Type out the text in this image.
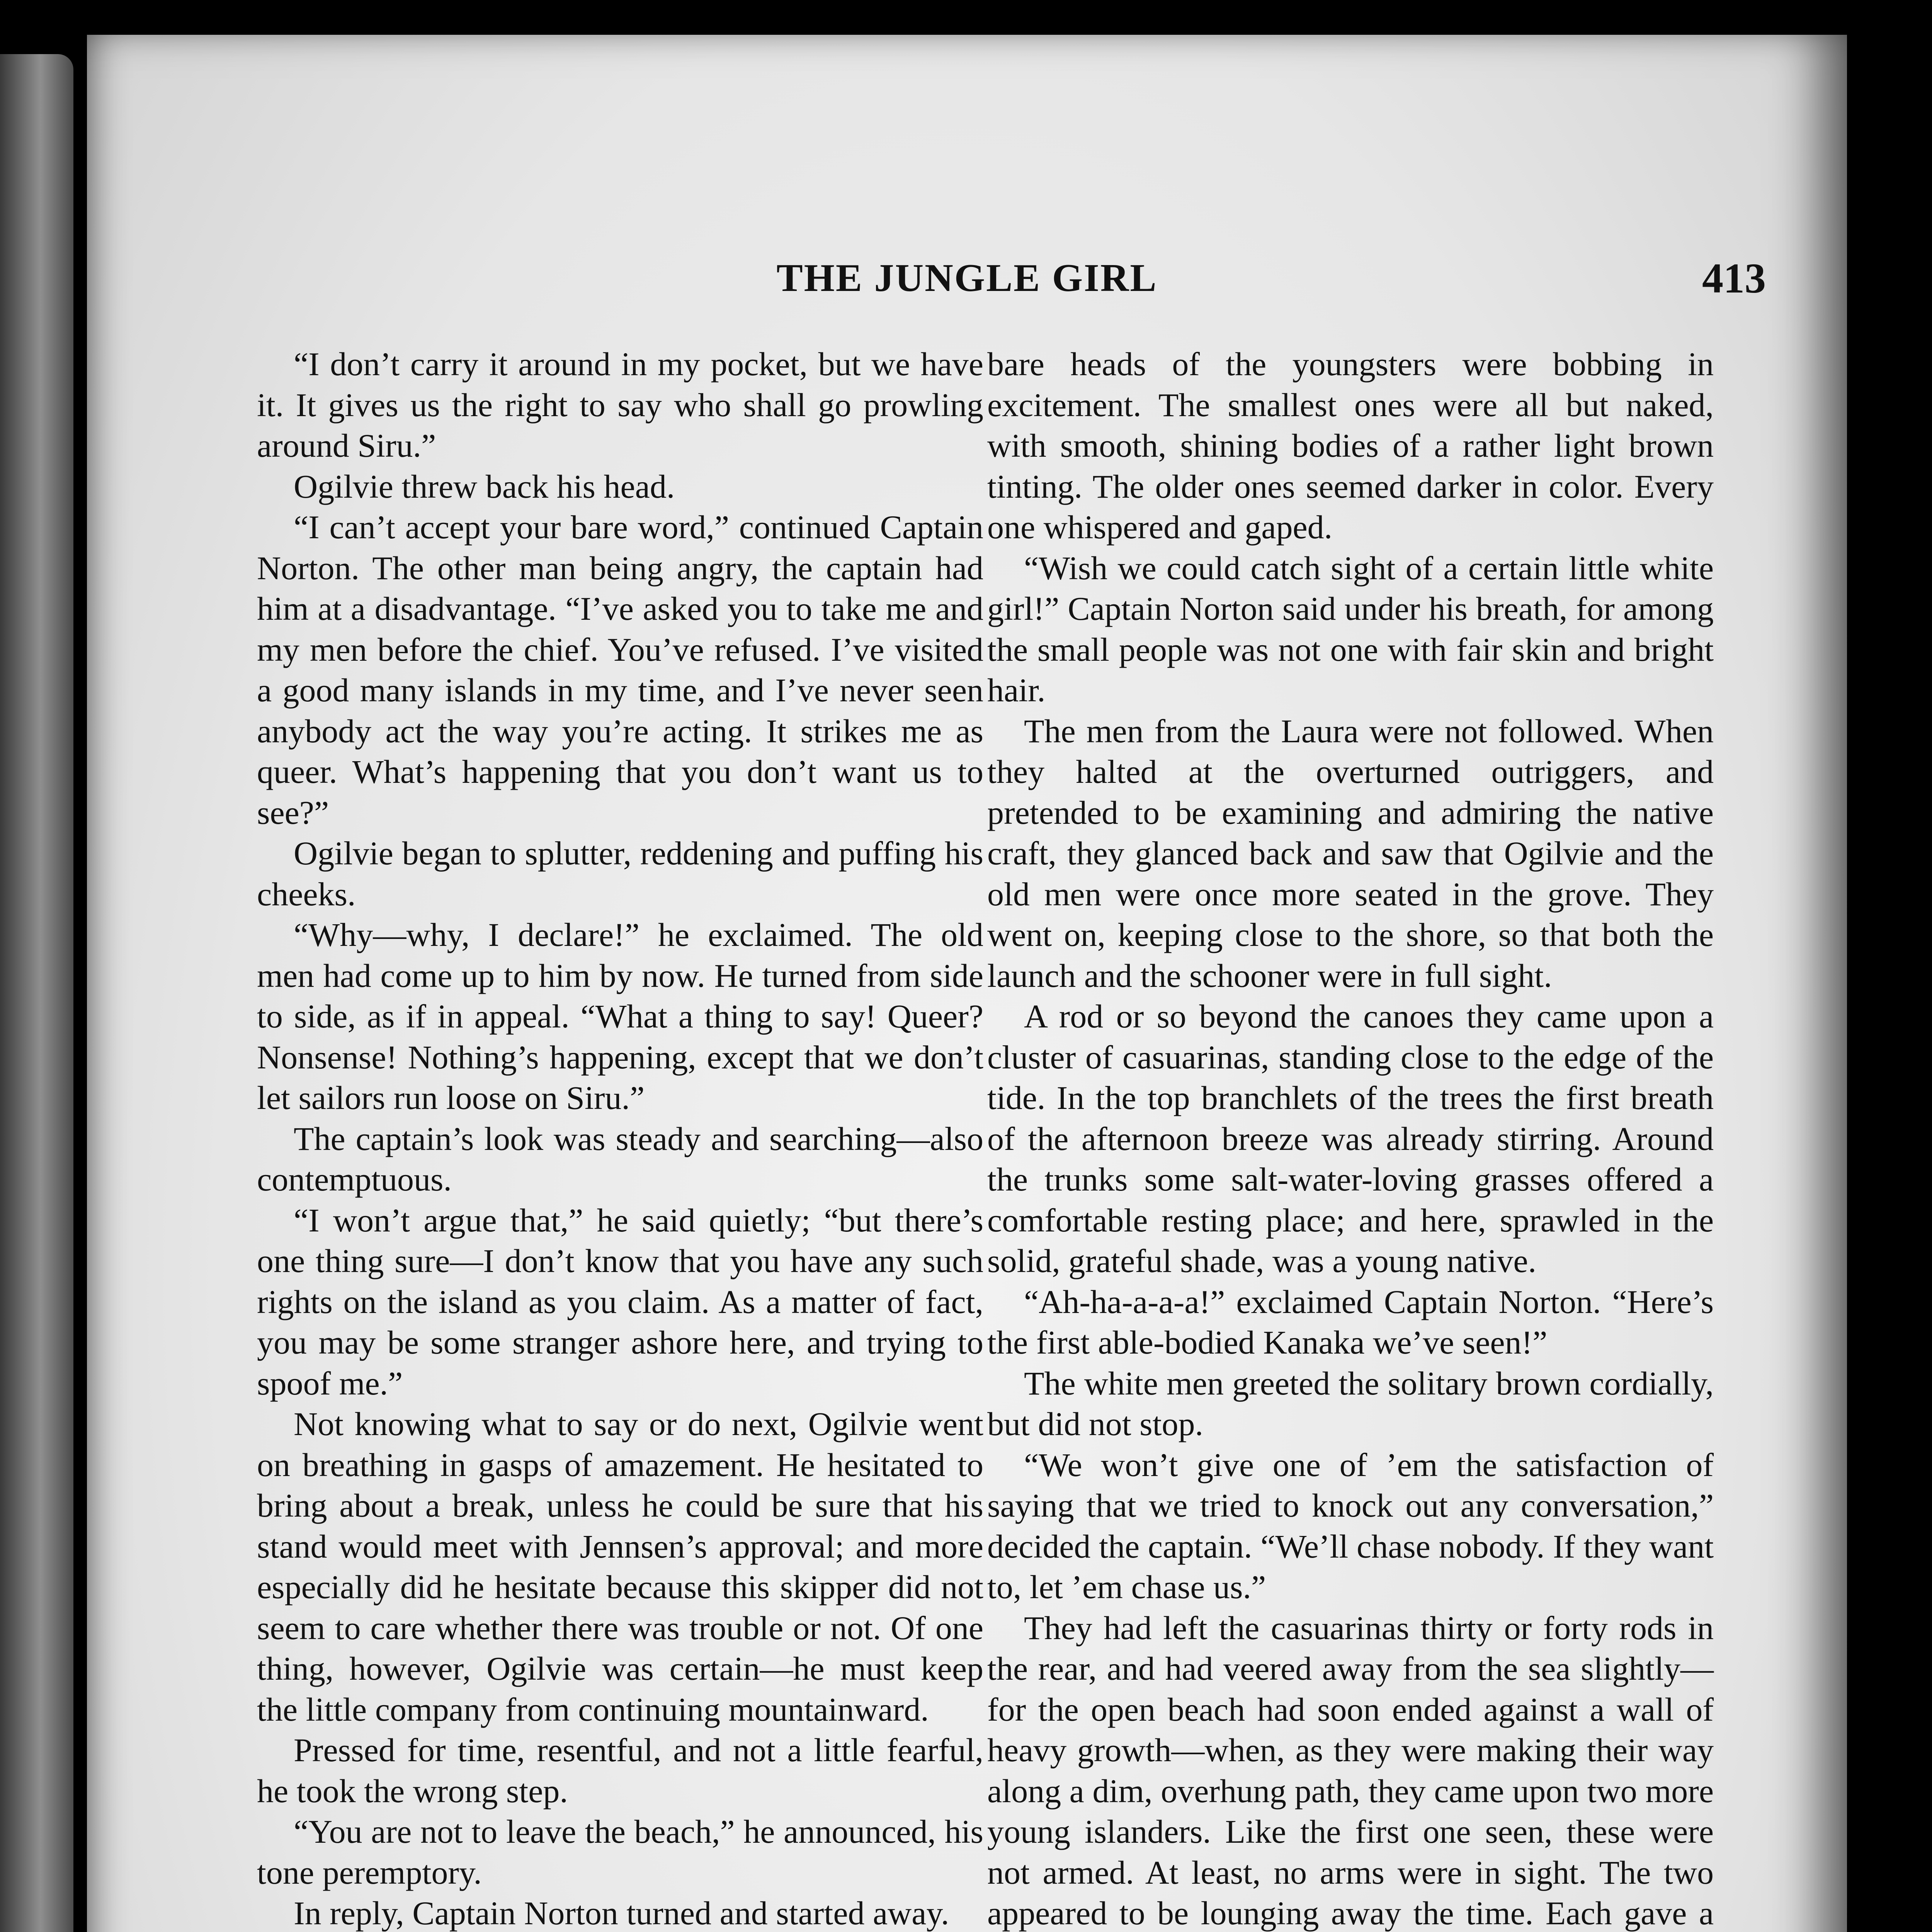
THE JUNGLE GIRL	413

“I don’t carry it around in my pocket, but we have it. It gives us the right to say who shall go prowling around Siru.”

Ogilvie threw back his head.

“I can’t accept your bare word,” continued Captain Norton. The other man being angry, the captain had him at a disadvantage. “I’ve asked you to take me and my men before the chief. You’ve refused. I’ve visited a good many islands in my time, and I’ve never seen anybody act the way you’re acting. It strikes me as queer. What’s happening that you don’t want us to see?”

Ogilvie began to splutter, reddening and puffing his cheeks.

“Why—why, I declare!” he exclaimed. The old men had come up to him by now. He turned from side to side, as if in appeal. “What a thing to say! Queer? Nonsense! Nothing’s happening, except that we don’t let sailors run loose on Siru.”

The captain’s look was steady and searching—also contemptuous.

“I won’t argue that,” he said quietly; “but there’s one thing sure—I don’t know that you have any such rights on the island as you claim. As a matter of fact, you may be some stranger ashore here, and trying to spoof me.”

Not knowing what to say or do next, Ogilvie went on breathing in gasps of amazement. He hesitated to bring about a break, unless he could be sure that his stand would meet with Jennsen’s approval; and more especially did he hesitate because this skipper did not seem to care whether there was trouble or not. Of one thing, however, Ogilvie was certain—he must keep the little company from continuing mountainward.

Pressed for time, resentful, and not a little fearful, he took the wrong step.

“You are not to leave the beach,” he announced, his tone peremptory.

In reply, Captain Norton turned and started away.

bare heads of the youngsters were bobbing in excitement. The smallest ones were all but naked, with smooth, shining bodies of a rather light brown tinting. The older ones seemed darker in color. Every one whispered and gaped.

“Wish we could catch sight of a certain little white girl!” Captain Norton said under his breath, for among the small people was not one with fair skin and bright hair.

The men from the Laura were not followed. When they halted at the overturned outriggers, and pretended to be examining and admiring the native craft, they glanced back and saw that Ogilvie and the old men were once more seated in the grove. They went on, keeping close to the shore, so that both the launch and the schooner were in full sight.

A rod or so beyond the canoes they came upon a cluster of casuarinas, standing close to the edge of the tide. In the top branchlets of the trees the first breath of the afternoon breeze was already stirring. Around the trunks some salt-water-loving grasses offered a comfortable resting place; and here, sprawled in the solid, grateful shade, was a young native.

“Ah-ha-a-a-a!” exclaimed Captain Norton. “Here’s the first able-bodied Kanaka we’ve seen!”

The white men greeted the solitary brown cordially, but did not stop.

“We won’t give one of ’em the satisfaction of saying that we tried to knock out any conversation,” decided the captain. “We’ll chase nobody. If they want to, let ’em chase us.”

They had left the casuarinas thirty or forty rods in the rear, and had veered away from the sea slightly—for the open beach had soon ended against a wall of heavy growth—when, as they were making their way along a dim, overhung path, they came upon two more young islanders. Like the first one seen, these were not armed. At least, no arms were in sight. The two appeared to be lounging away the time. Each gave a
